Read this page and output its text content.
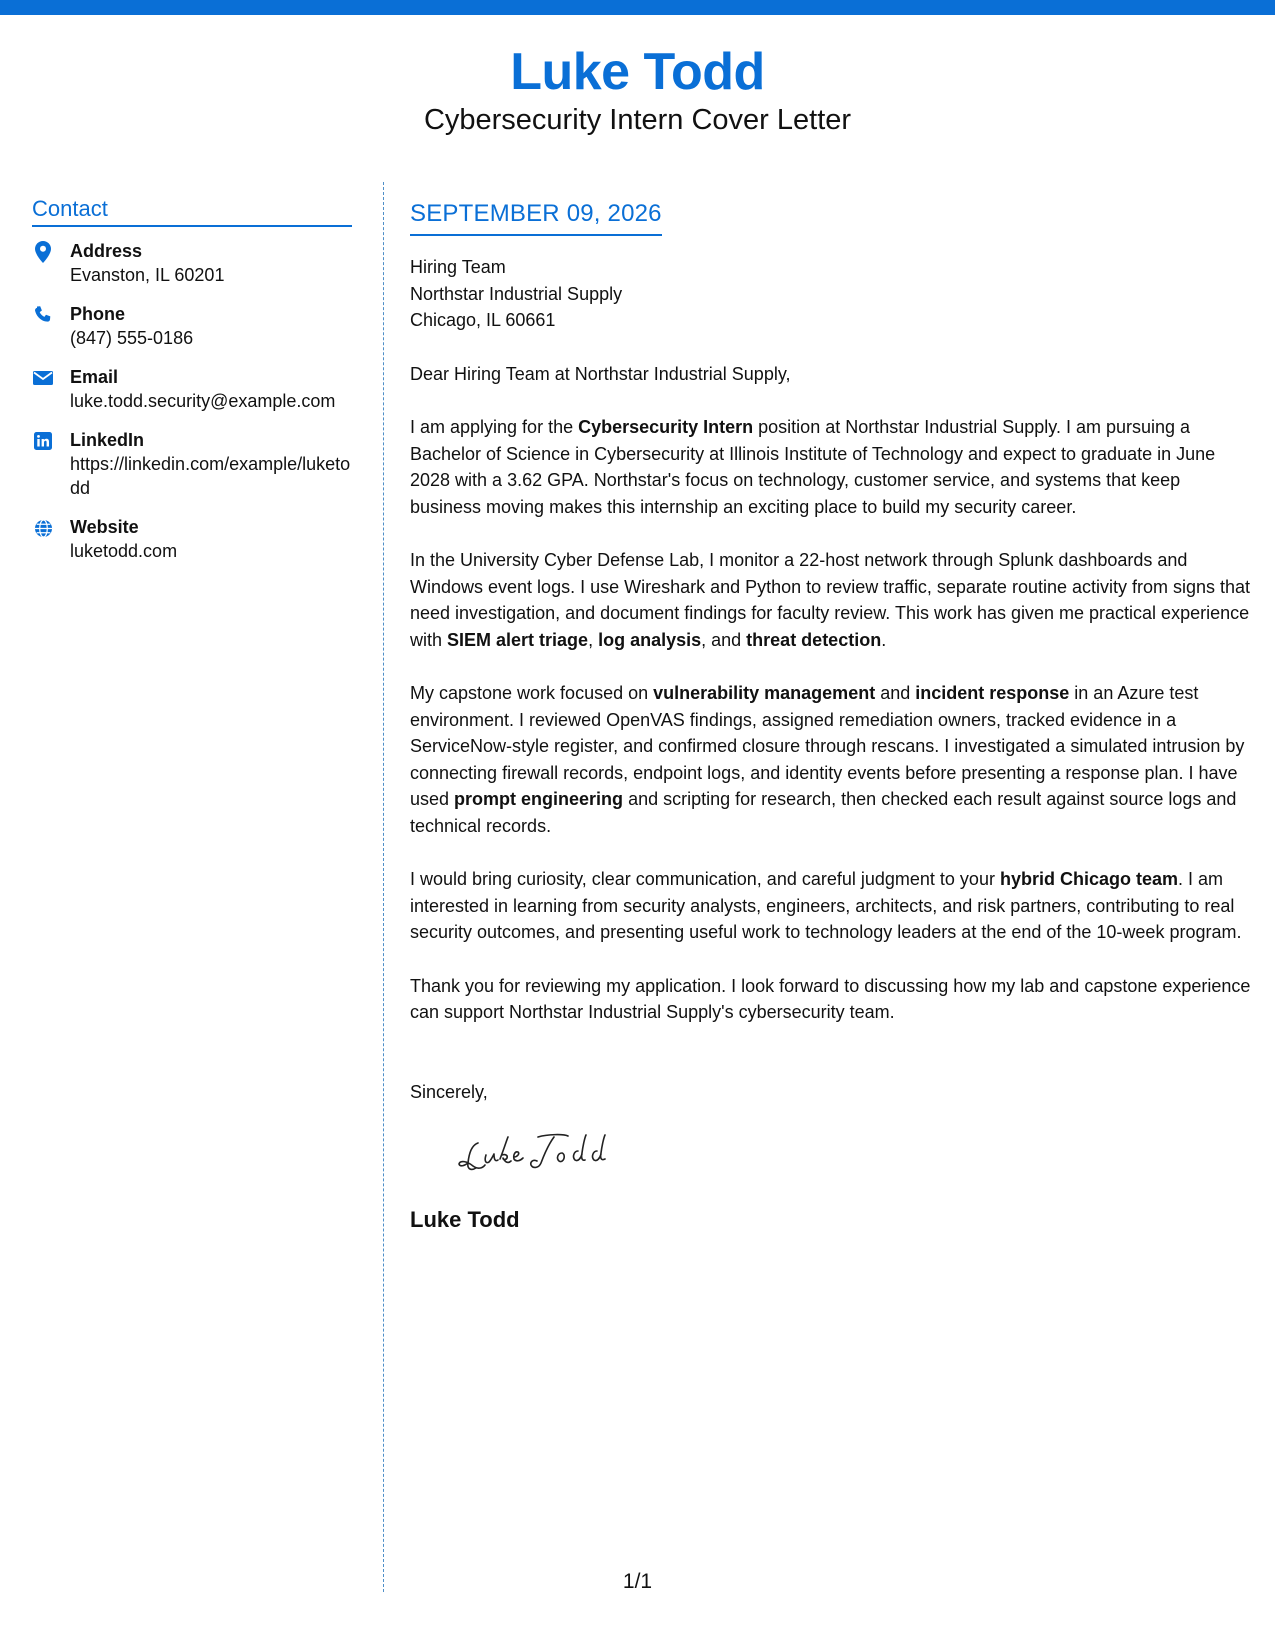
Luke Todd
Cybersecurity Intern Cover Letter
Contact
Address
Evanston, IL 60201
Phone
(847) 555-0186
Email
luke.todd.security@example.com
LinkedIn
https://linkedin.com/example/luketodd
Website
luketodd.com
SEPTEMBER 09, 2026
Hiring Team
Northstar Industrial Supply
Chicago, IL 60661
Dear Hiring Team at Northstar Industrial Supply,

I am applying for the Cybersecurity Intern position at Northstar Industrial Supply. I am pursuing a Bachelor of Science in Cybersecurity at Illinois Institute of Technology and expect to graduate in June 2028 with a 3.62 GPA. Northstar's focus on technology, customer service, and systems that keep business moving makes this internship an exciting place to build my security career.

In the University Cyber Defense Lab, I monitor a 22-host network through Splunk dashboards and Windows event logs. I use Wireshark and Python to review traffic, separate routine activity from signs that need investigation, and document findings for faculty review. This work has given me practical experience with SIEM alert triage, log analysis, and threat detection.

My capstone work focused on vulnerability management and incident response in an Azure test environment. I reviewed OpenVAS findings, assigned remediation owners, tracked evidence in a ServiceNow-style register, and confirmed closure through rescans. I investigated a simulated intrusion by connecting firewall records, endpoint logs, and identity events before presenting a response plan. I have used prompt engineering and scripting for research, then checked each result against source logs and technical records.

I would bring curiosity, clear communication, and careful judgment to your hybrid Chicago team. I am interested in learning from security analysts, engineers, architects, and risk partners, contributing to real security outcomes, and presenting useful work to technology leaders at the end of the 10-week program.

Thank you for reviewing my application. I look forward to discussing how my lab and capstone experience can support Northstar Industrial Supply's cybersecurity team.

Sincerely,
Luke Todd
1/1
